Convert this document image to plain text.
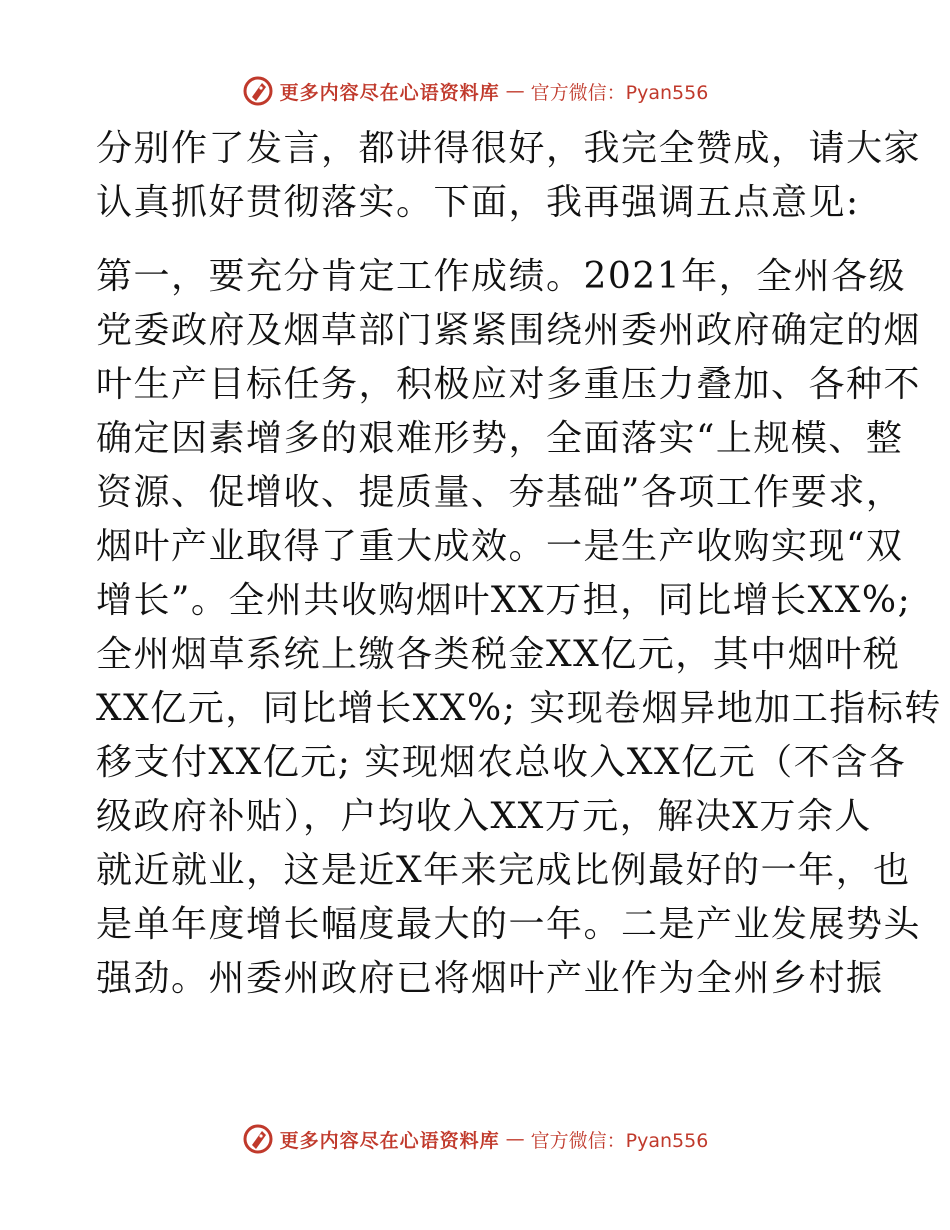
更多内容尽在心语资料库 — 官方微信：Pyan556
分别作了发言，都讲得很好，我完全赞成，请大家
认真抓好贯彻落实。下面，我再强调五点意见:
第一，要充分肯定工作成绩。2021年，全州各级
党委政府及烟草部门紧紧围绕州委州政府确定的烟
叶生产目标任务，积极应对多重压力叠加、各种不
确定因素增多的艰难形势，全面落实“上规模、整
资源、促增收、提质量、夯基础”各项工作要求，
烟叶产业取得了重大成效。一是生产收购实现“双
增长”。全州共收购烟叶XX万担，同比增长XX%;
全州烟草系统上缴各类税金XX亿元，其中烟叶税
XX亿元，同比增长XX%; 实现卷烟异地加工指标转
移支付XX亿元; 实现烟农总收入XX亿元（不含各
级政府补贴），户均收入XX万元，解决X万余人
就近就业，这是近X年来完成比例最好的一年，也
是单年度增长幅度最大的一年。二是产业发展势头
强劲。州委州政府已将烟叶产业作为全州乡村振
更多内容尽在心语资料库 — 官方微信：Pyan556
